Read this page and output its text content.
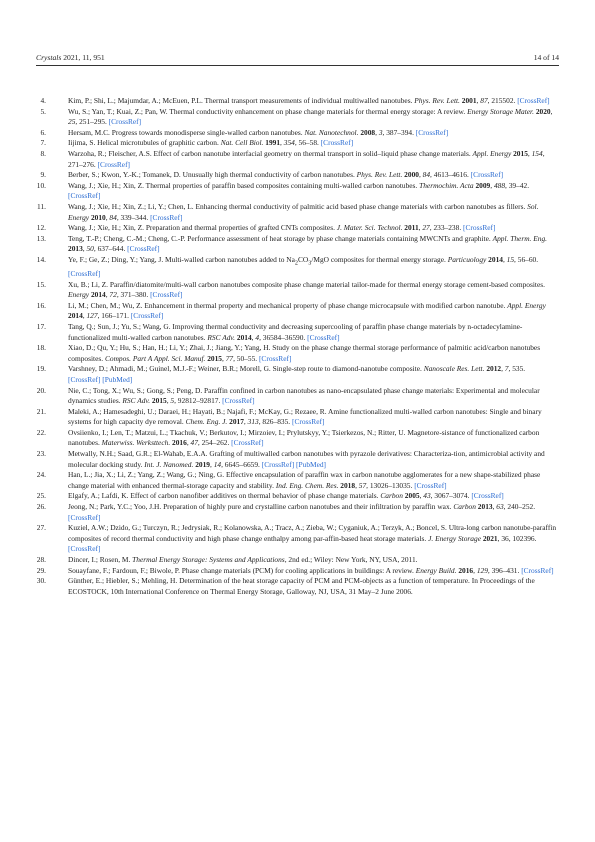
Crystals 2021, 11, 951	14 of 14

4.	Kim, P.; Shi, L.; Majumdar, A.; McEuen, P.L. Thermal transport measurements of individual multiwalled nanotubes. Phys. Rev. Lett. 2001, 87, 215502. [CrossRef]

5.	Wu, S.; Yan, T.; Kuai, Z.; Pan, W. Thermal conductivity enhancement on phase change materials for thermal energy storage: A review. Energy Storage Mater. 2020, 25, 251–295. [CrossRef]

6.	Hersam, M.C. Progress towards monodisperse single-walled carbon nanotubes. Nat. Nanotechnol. 2008, 3, 387–394. [CrossRef]

7.	Iijima, S. Helical microtubules of graphitic carbon. Nat. Cell Biol. 1991, 354, 56–58. [CrossRef]

8.	Warzoha, R.; Fleischer, A.S. Effect of carbon nanotube interfacial geometry on thermal transport in solid–liquid phase change materials. Appl. Energy 2015, 154, 271–276. [CrossRef]

9.	Berber, S.; Kwon, Y.-K.; Tomanek, D. Unusually high thermal conductivity of carbon nanotubes. Phys. Rev. Lett. 2000, 84, 4613–4616. [CrossRef]

10.	Wang, J.; Xie, H.; Xin, Z. Thermal properties of paraffin based composites containing multi-walled carbon nanotubes. Thermochim. Acta 2009, 488, 39–42. [CrossRef]

11.	Wang, J.; Xie, H.; Xin, Z.; Li, Y.; Chen, L. Enhancing thermal conductivity of palmitic acid based phase change materials with carbon nanotubes as fillers. Sol. Energy 2010, 84, 339–344. [CrossRef]

12.	Wang, J.; Xie, H.; Xin, Z. Preparation and thermal properties of grafted CNTs composites. J. Mater. Sci. Technol. 2011, 27, 233–238. [CrossRef]

13.	Teng, T.-P.; Cheng, C.-M.; Cheng, C.-P. Performance assessment of heat storage by phase change materials containing MWCNTs and graphite. Appl. Therm. Eng. 2013, 50, 637–644. [CrossRef]

14.	Ye, F.; Ge, Z.; Ding, Y.; Yang, J. Multi-walled carbon nanotubes added to $Na_2CO_3$/MgO composites for thermal energy storage. Particuology 2014, 15, 56–60. [CrossRef]

15.	Xu, B.; Li, Z. Paraffin/diatomite/multi-wall carbon nanotubes composite phase change material tailor-made for thermal energy storage cement-based composites. Energy 2014, 72, 371–380. [CrossRef]

16.	Li, M.; Chen, M.; Wu, Z. Enhancement in thermal property and mechanical property of phase change microcapsule with modified carbon nanotube. Appl. Energy 2014, 127, 166–171. [CrossRef]

17.	Tang, Q.; Sun, J.; Yu, S.; Wang, G. Improving thermal conductivity and decreasing supercooling of paraffin phase change materials by n-octadecylamine-functionalized multi-walled carbon nanotubes. RSC Adv. 2014, 4, 36584–36590. [CrossRef]

18.	Xiao, D.; Qu, Y.; Hu, S.; Han, H.; Li, Y.; Zhai, J.; Jiang, Y.; Yang, H. Study on the phase change thermal storage performance of palmitic acid/carbon nanotubes composites. Compos. Part A Appl. Sci. Manuf. 2015, 77, 50–55. [CrossRef]

19.	Varshney, D.; Ahmadi, M.; Guinel, M.J.-F.; Weiner, B.R.; Morell, G. Single-step route to diamond-nanotube composite. Nanoscale Res. Lett. 2012, 7, 535. [CrossRef] [PubMed]

20.	Nie, C.; Tong, X.; Wu, S.; Gong, S.; Peng, D. Paraffin confined in carbon nanotubes as nano-encapsulated phase change materials: Experimental and molecular dynamics studies. RSC Adv. 2015, 5, 92812–92817. [CrossRef]

21.	Maleki, A.; Hamesadeghi, U.; Daraei, H.; Hayati, B.; Najafi, F.; McKay, G.; Rezaee, R. Amine functionalized multi-walled carbon nanotubes: Single and binary systems for high capacity dye removal. Chem. Eng. J. 2017, 313, 826–835. [CrossRef]

22.	Ovsiienko, I.; Len, T.; Matzui, L.; Tkachuk, V.; Berkutov, I.; Mirzoiev, I.; Prylutskyy, Y.; Tsierkezos, N.; Ritter, U. Magnetore-sistance of functionalized carbon nanotubes. Materwiss. Werksttech. 2016, 47, 254–262. [CrossRef]

23.	Metwally, N.H.; Saad, G.R.; El-Wahab, E.A.A. Grafting of multiwalled carbon nanotubes with pyrazole derivatives: Characteriza-tion, antimicrobial activity and molecular docking study. Int. J. Nanomed. 2019, 14, 6645–6659. [CrossRef] [PubMed]

24.	Han, L.; Jia, X.; Li, Z.; Yang, Z.; Wang, G.; Ning, G. Effective encapsulation of paraffin wax in carbon nanotube agglomerates for a new shape-stabilized phase change material with enhanced thermal-storage capacity and stability. Ind. Eng. Chem. Res. 2018, 57, 13026–13035. [CrossRef]

25.	Elgafy, A.; Lafdi, K. Effect of carbon nanofiber additives on thermal behavior of phase change materials. Carbon 2005, 43, 3067–3074. [CrossRef]

26.	Jeong, N.; Park, Y.C.; Yoo, J.H. Preparation of highly pure and crystalline carbon nanotubes and their infiltration by paraffin wax. Carbon 2013, 63, 240–252. [CrossRef]

27.	Kuziel, A.W.; Dzido, G.; Turczyn, R.; Jedrysiak, R.; Kolanowska, A.; Tracz, A.; Zieba, W.; Cyganiuk, A.; Terzyk, A.; Boncel, S. Ultra-long carbon nanotube-paraffin composites of record thermal conductivity and high phase change enthalpy among par-affin-based heat storage materials. J. Energy Storage 2021, 36, 102396. [CrossRef]

28.	Dincer, I.; Rosen, M. Thermal Energy Storage: Systems and Applications, 2nd ed.; Wiley: New York, NY, USA, 2011.

29.	Souayfane, F.; Fardoun, F.; Biwole, P. Phase change materials (PCM) for cooling applications in buildings: A review. Energy Build. 2016, 129, 396–431. [CrossRef]

30.	Günther, E.; Hiebler, S.; Mehling, H. Determination of the heat storage capacity of PCM and PCM-objects as a function of temperature. In Proceedings of the ECOSTOCK, 10th International Conference on Thermal Energy Storage, Galloway, NJ, USA, 31 May–2 June 2006.
